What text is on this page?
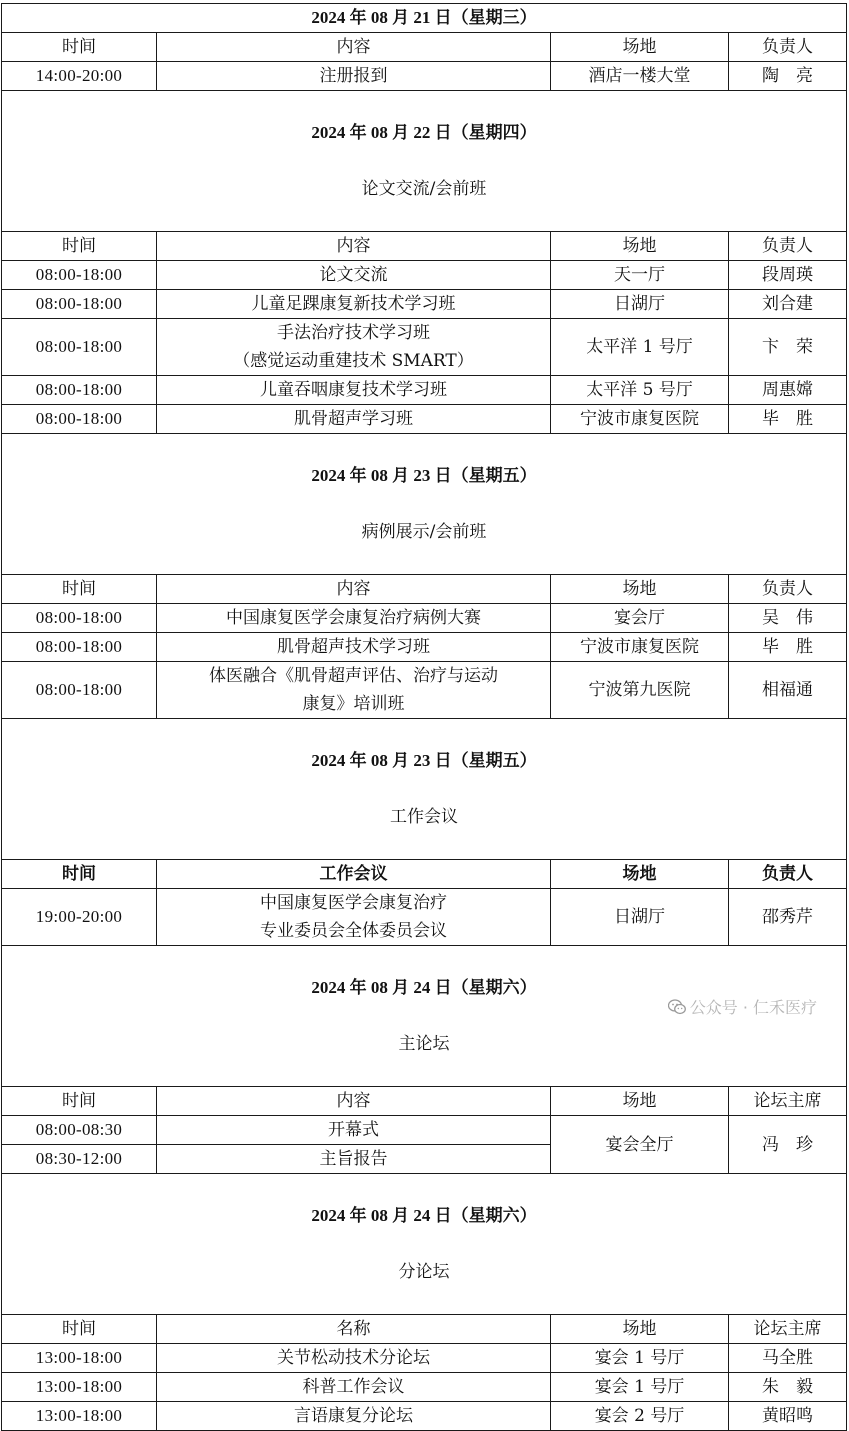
2024 年 08 月 21 日（星期三）			
时间	内容	场地	负责人
14:00-20:00	注册报到	酒店一楼大堂	陶　亮

2024 年 08 月 22 日（星期四）

论文交流/会前班			

时间	内容	场地	负责人
08:00-18:00	论文交流	天一厅	段周瑛
08:00-18:00	儿童足踝康复新技术学习班	日湖厅	刘合建
08:00-18:00	手法治疗技术学习班
（感觉运动重建技术 SMART）	太平洋 1 号厅	卞　荣
08:00-18:00	儿童吞咽康复技术学习班	太平洋 5 号厅	周惠嫦
08:00-18:00	肌骨超声学习班	宁波市康复医院	毕　胜

2024 年 08 月 23 日（星期五）

病例展示/会前班			

时间	内容	场地	负责人
08:00-18:00	中国康复医学会康复治疗病例大赛	宴会厅	吴　伟
08:00-18:00	肌骨超声技术学习班	宁波市康复医院	毕　胜
08:00-18:00	体医融合《肌骨超声评估、治疗与运动
康复》培训班	宁波第九医院	相福通

2024 年 08 月 23 日（星期五）

工作会议			

时间	工作会议	场地	负责人
19:00-20:00	中国康复医学会康复治疗
专业委员会全体委员会议	日湖厅	邵秀芹

2024 年 08 月 24 日（星期六）

主论坛			

时间	内容	场地	论坛主席
08:00-08:30	开幕式	宴会全厅	冯　珍
08:30-12:00	主旨报告		

2024 年 08 月 24 日（星期六）

分论坛			

时间	名称	场地	论坛主席
13:00-18:00	关节松动技术分论坛	宴会 1 号厅	马全胜
13:00-18:00	科普工作会议	宴会 1 号厅	朱　毅
13:00-18:00	言语康复分论坛	宴会 2 号厅	黄昭鸣
公众号 · 仁禾医疗
